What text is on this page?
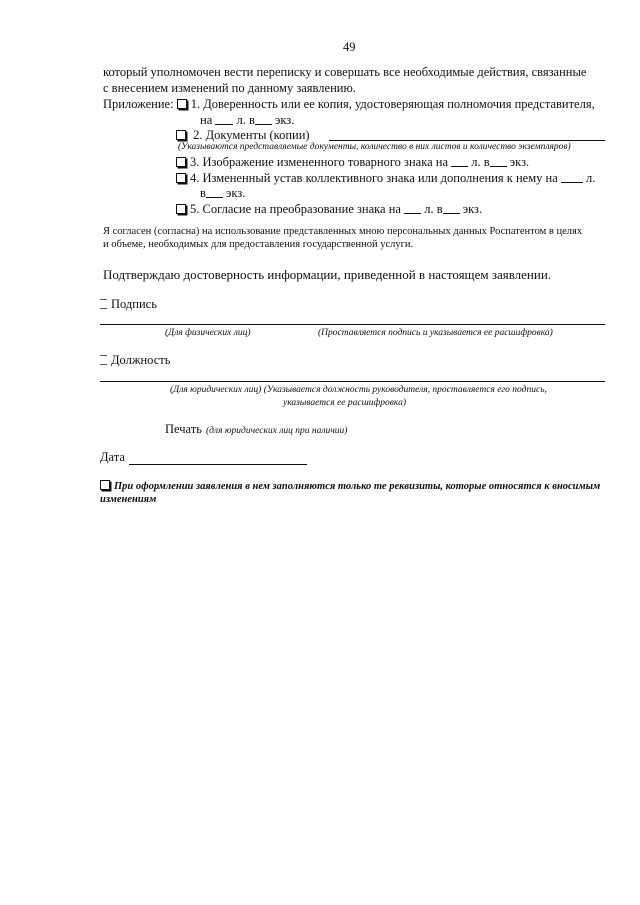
49
который уполномочен вести переписку и совершать все необходимые действия, связанные
с внесением изменений по данному заявлению.
Приложение: 1. Доверенность или ее копия, удостоверяющая полномочия представителя,
на л. в экз.
2. Документы (копии)
(Указываются представляемые документы, количество в них листов и количество экземпляров)
3. Изображение измененного товарного знака на л. в экз.
4. Измененный устав коллективного знака или дополнения к нему на л.
в экз.
5. Согласие на преобразование знака на л. в экз.
Я согласен (согласна) на использование представленных мною персональных данных Роспатентом в целях
и объеме, необходимых для предоставления государственной услуги.
Подтверждаю достоверность информации, приведенной в настоящем заявлении.
Подпись
(Для физических лиц)	(Проставляется подпись и указывается ее расшифровка)
Должность
(Для юридических лиц) (Указывается должность руководителя, проставляется его подпись,
указывается ее расшифровка)
Печать (для юридических лиц при наличии)
Дата
При оформлении заявления в нем заполняются только те реквизиты, которые относятся к вносимым
изменениям
